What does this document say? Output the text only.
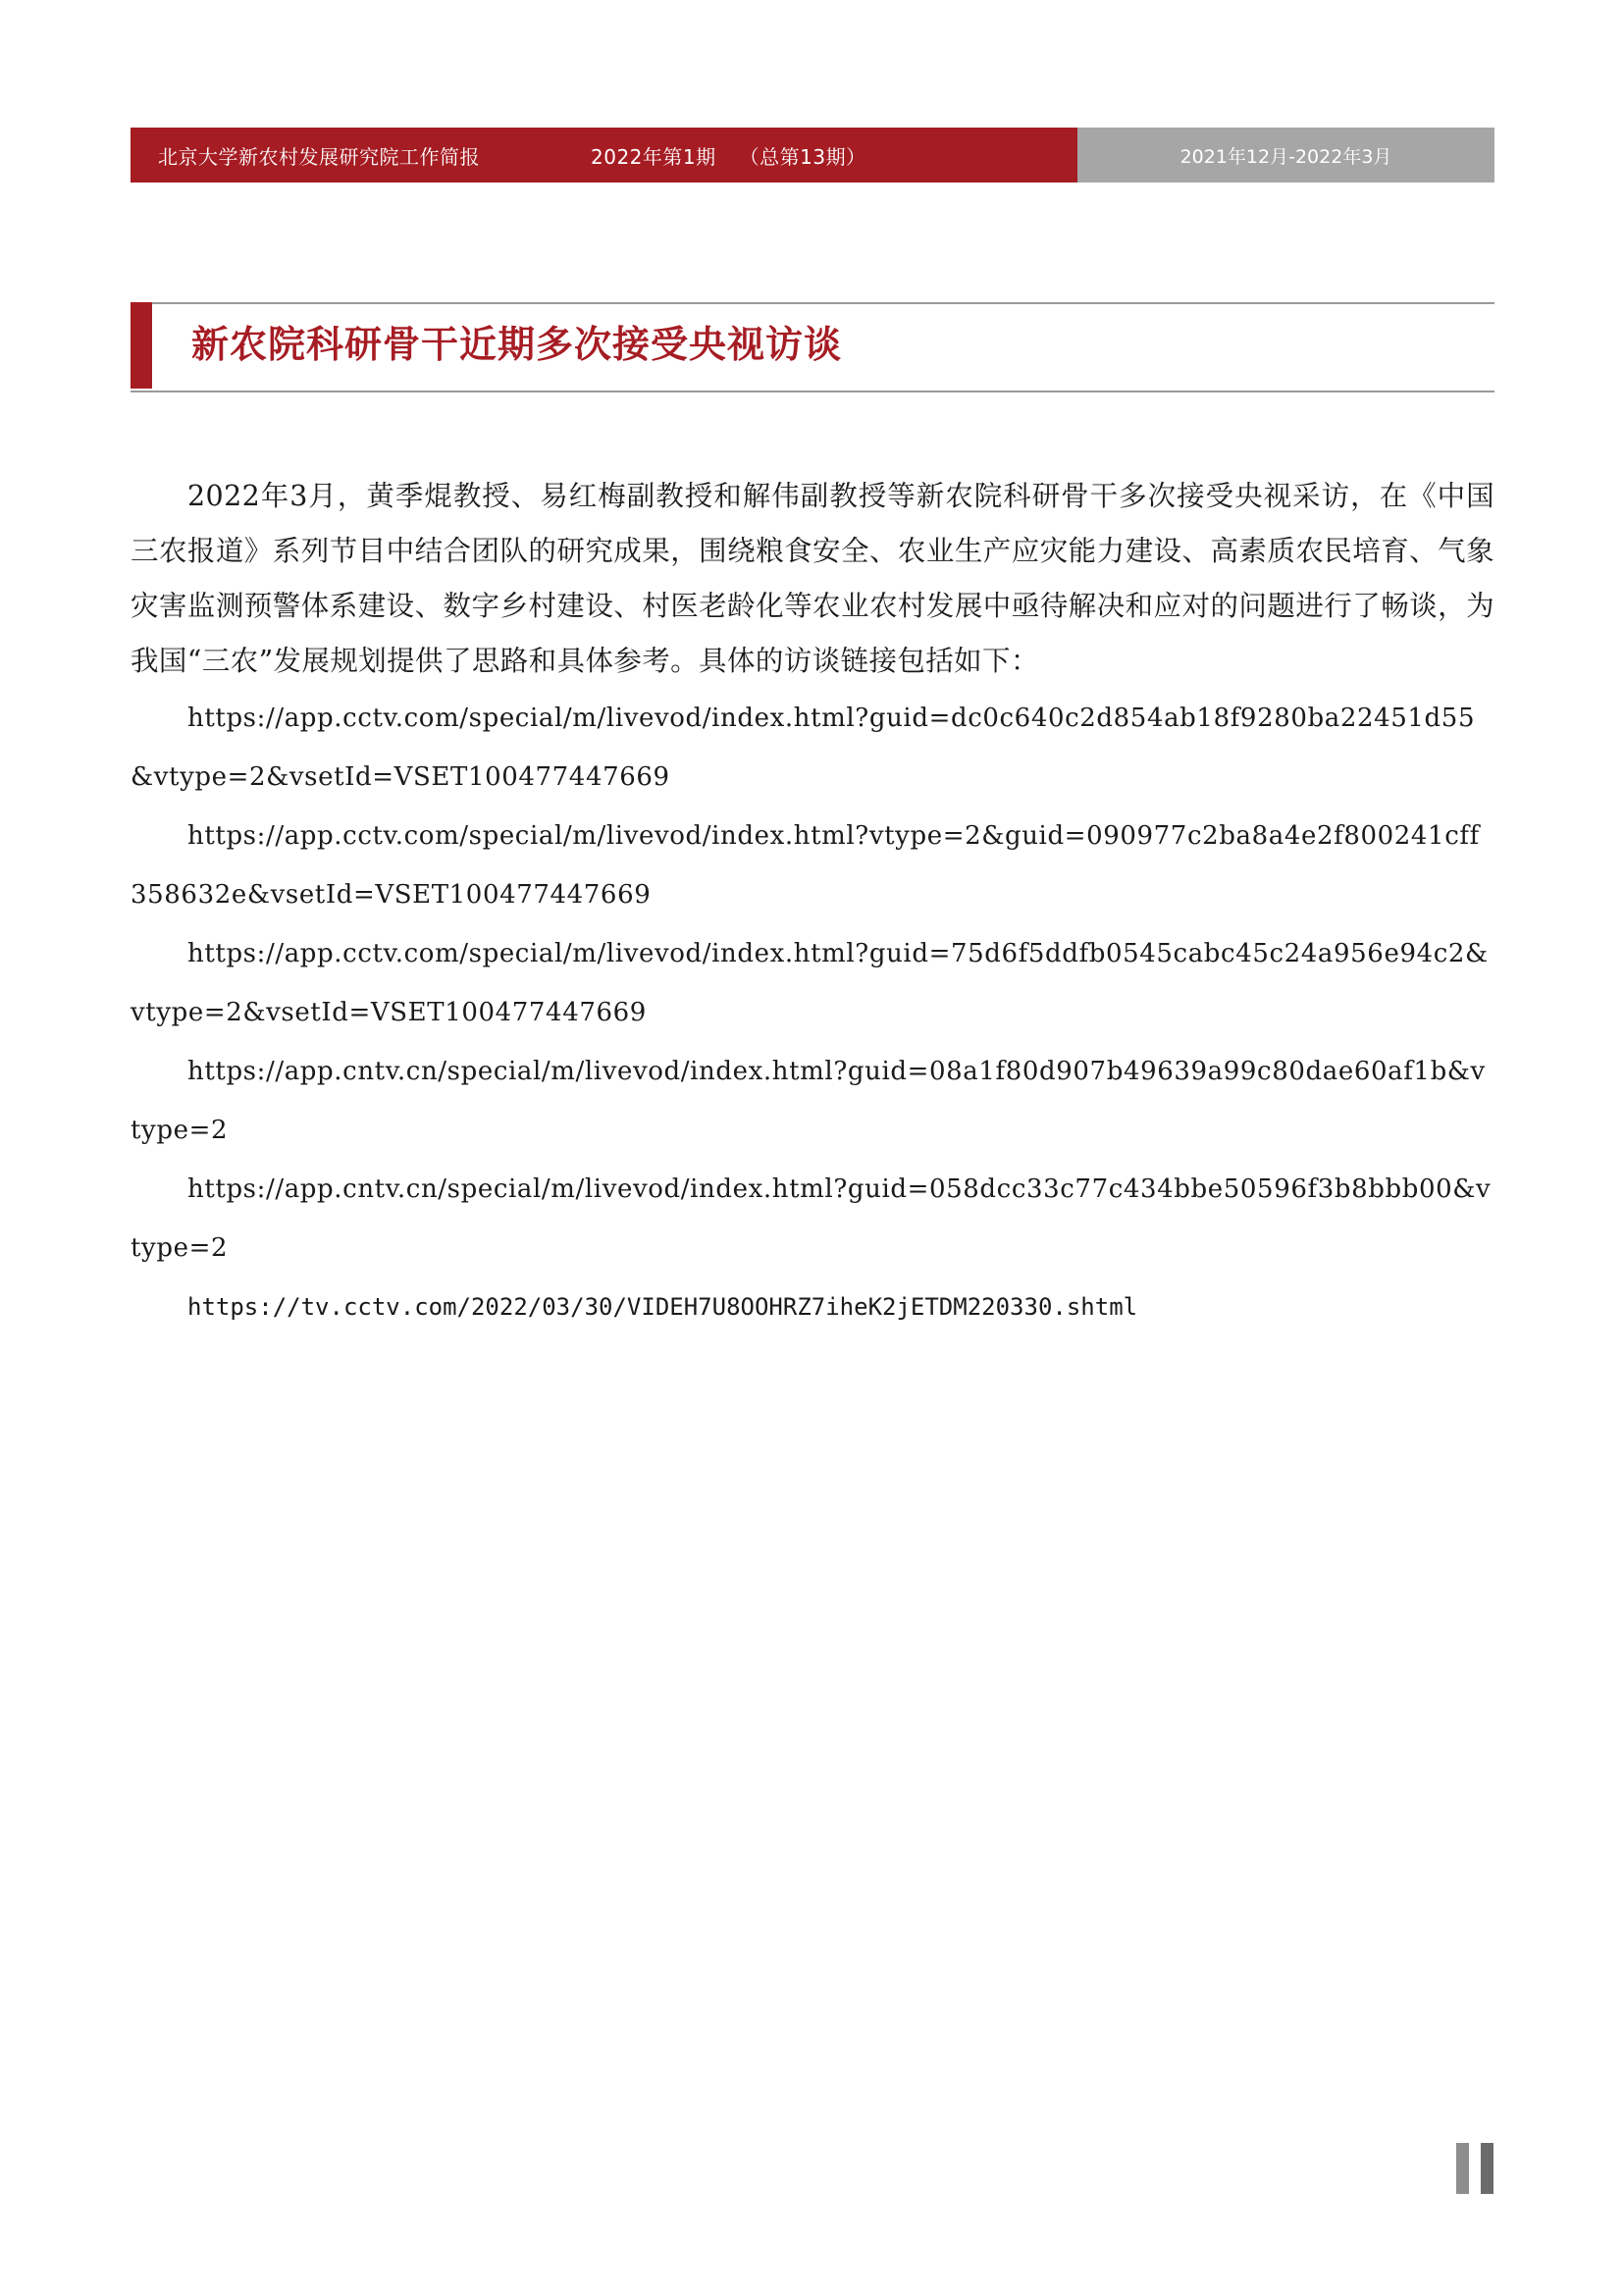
北京大学新农村发展研究院工作简报	2022年第1期 （总第13期）	2021年12月-2022年3月
新农院科研骨干近期多次接受央视访谈

2022年3月，黄季焜教授、易红梅副教授和解伟副教授等新农院科研骨干多次接受央视采访，在《中国三农报道》系列节目中结合团队的研究成果，围绕粮食安全、农业生产应灾能力建设、高素质农民培育、气象灾害监测预警体系建设、数字乡村建设、村医老龄化等农业农村发展中亟待解决和应对的问题进行了畅谈，为我国“三农”发展规划提供了思路和具体参考。具体的访谈链接包括如下：

https://app.cctv.com/special/m/livevod/index.html?guid=dc0c640c2d854ab18f9280ba22451d55&vtype=2&vsetId=VSET100477447669

https://app.cctv.com/special/m/livevod/index.html?vtype=2&guid=090977c2ba8a4e2f800241cff358632e&vsetId=VSET100477447669

https://app.cctv.com/special/m/livevod/index.html?guid=75d6f5ddfb0545cabc45c24a956e94c2&vtype=2&vsetId=VSET100477447669

https://app.cntv.cn/special/m/livevod/index.html?guid=08a1f80d907b49639a99c80dae60af1b&vtype=2

https://app.cntv.cn/special/m/livevod/index.html?guid=058dcc33c77c434bbe50596f3b8bbb00&vtype=2

https://tv.cctv.com/2022/03/30/VIDEH7U8OOHRZ7iheK2jETDM220330.shtml
